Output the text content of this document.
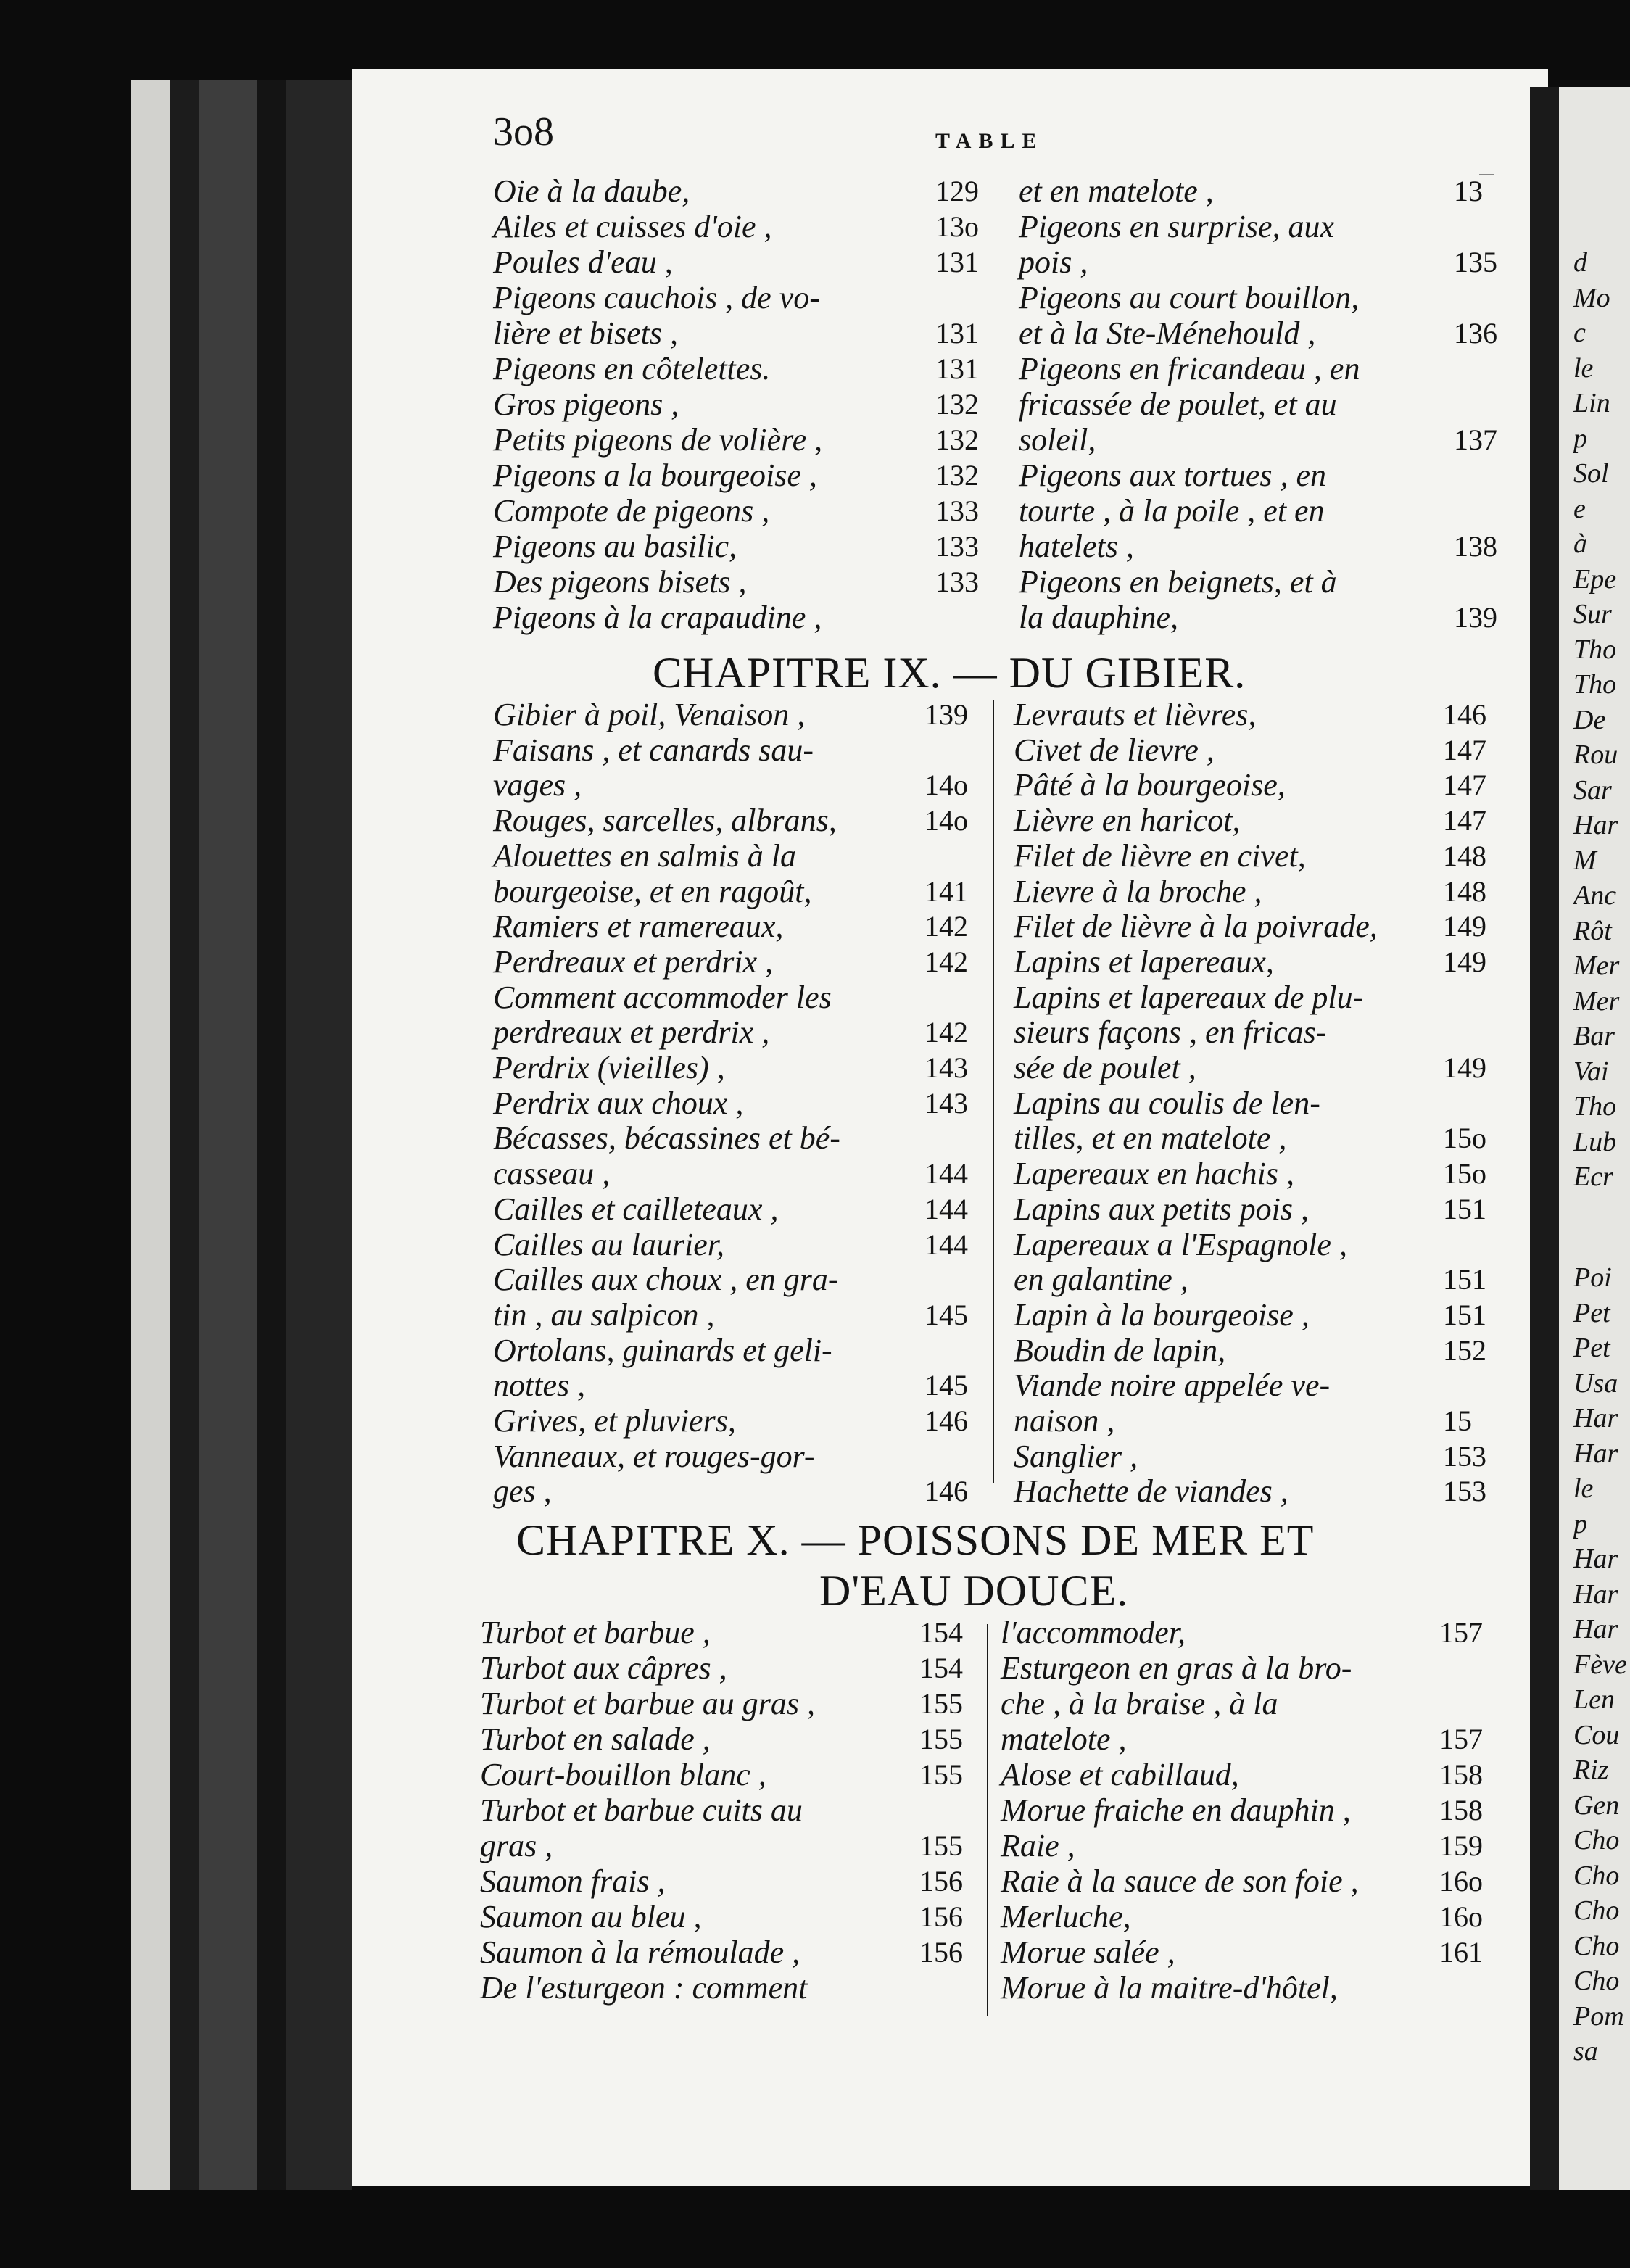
3o8	TABLE
Oie à la daube,	129
Ailes et cuisses d'oie ,	13o
Poules d'eau ,	131
Pigeons cauchois , de vo-
lière et bisets ,	131
Pigeons en côtelettes.	131
Gros pigeons ,	132
Petits pigeons de volière ,	132
Pigeons a la bourgeoise ,	132
Compote de pigeons ,	133
Pigeons au basilic,	133
Des pigeons bisets ,	133
Pigeons à la crapaudine ,
et en matelote ,	13
Pigeons en surprise, aux
pois ,	135
Pigeons au court bouillon,
et à la Ste-Ménehould ,	136
Pigeons en fricandeau , en
fricassée de poulet, et au
soleil,	137
Pigeons aux tortues , en
tourte , à la poile , et en
hatelets ,	138
Pigeons en beignets, et à
la dauphine,	139
CHAPITRE IX. — DU GIBIER.
Gibier à poil, Venaison ,	139
Faisans , et canards sau-
vages ,	14o
Rouges, sarcelles, albrans,	14o
Alouettes en salmis à la
bourgeoise, et en ragoût,	141
Ramiers et ramereaux,	142
Perdreaux et perdrix ,	142
Comment accommoder les
perdreaux et perdrix ,	142
Perdrix (vieilles) ,	143
Perdrix aux choux ,	143
Bécasses, bécassines et bé-
casseau ,	144
Cailles et cailleteaux ,	144
Cailles au laurier,	144
Cailles aux choux , en gra-
tin , au salpicon ,	145
Ortolans, guinards et geli-
nottes ,	145
Grives, et pluviers,	146
Vanneaux, et rouges-gor-
ges ,	146
Levrauts et lièvres,	146
Civet de lievre ,	147
Pâté à la bourgeoise,	147
Lièvre en haricot,	147
Filet de lièvre en civet,	148
Lievre à la broche ,	148
Filet de lièvre à la poivrade, 149
Lapins et lapereaux,	149
Lapins et lapereaux de plu-
sieurs façons , en fricas-
sée de poulet ,	149
Lapins au coulis de len-
tilles, et en matelote ,	15o
Lapereaux en hachis ,	15o
Lapins aux petits pois ,	151
Lapereaux a l'Espagnole ,
en galantine ,	151
Lapin à la bourgeoise ,	151
Boudin de lapin,	152
Viande noire appelée ve-
naison ,	15
Sanglier ,	153
Hachette de viandes ,	153
CHAPITRE X. — POISSONS DE MER ET
D'EAU DOUCE.
Turbot et barbue ,	154
Turbot aux câpres ,	154
Turbot et barbue au gras ,	155
Turbot en salade ,	155
Court-bouillon blanc ,	155
Turbot et barbue cuits au
gras ,	155
Saumon frais ,	156
Saumon au bleu ,	156
Saumon à la rémoulade ,	156
De l'esturgeon : comment
l'accommoder,	157
Esturgeon en gras à la bro-
che , à la braise , à la
matelote ,	157
Alose et cabillaud,	158
Morue fraiche en dauphin ,	158
Raie ,	159
Raie à la sauce de son foie ,	16o
Merluche,	16o
Morue salée ,	161
Morue à la maitre-d'hôtel,
d
Mo
c
le
Lin
p
Sol
e
à
Epe
Sur
Tho
Tho
De
Rou
Sar
Har
M
Anc
Rôt
Mer
Mer
Bar
Vai
Tho
Lub
Ecr
Poi
Pet
Pet
Usa
Har
Har
le
p
Har
Har
Har
Fève
Len
Cou
Riz
Gen
Cho
Cho
Cho
Cho
Cho
Pom
sa
